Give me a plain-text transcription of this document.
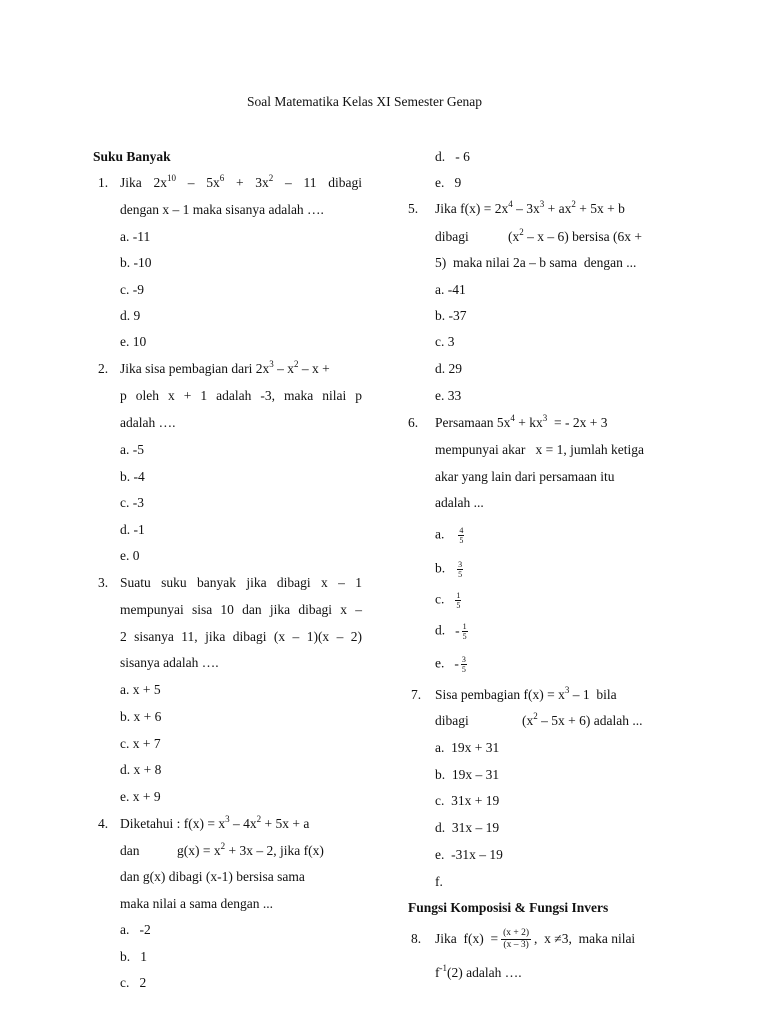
Soal Matematika Kelas XI Semester Genap
Suku Banyak
1. Jika $2x^{10} - 5x^6 + 3x^2 - 11$ dibagi
dengan x – 1 maka sisanya adalah ….
a. -11
b. -10
c. -9
d. 9
e. 10
2. Jika sisa pembagian dari $2x^3 - x^2$ – x +
p oleh x + 1 adalah -3, maka nilai p
adalah ….
a. -5
b. -4
c. -3
d. -1
e. 0
3. Suatu suku banyak jika dibagi x – 1
mempunyai sisa 10 dan jika dibagi x –
2 sisanya 11, jika dibagi (x – 1)(x – 2)
sisanya adalah ….
a. x + 5
b. x + 6
c. x + 7
d. x + 8
e. x + 9
4. Diketahui : $f(x) = x^3 - 4x^2 + 5x + a$
dan	$g(x) = x^2 + 3x - 2$, jika f(x)
dan g(x) dibagi (x-1) bersisa sama
maka nilai a sama dengan ...
a.   -2
b.   1
c.   2
d.   - 6
e.   9
5. Jika $f(x) = 2x^4 - 3x^3 + ax^2 + 5x + b$
dibagi	($x^2$ – x – 6) bersisa (6x +
5)  maka nilai 2a – b sama  dengan ...
a. -41
b. -37
c. 3
d. 29
e. 33
6. Persamaan $5x^4 + kx^3$  = - 2x + 3
mempunyai akar   x = 1, jumlah ketiga
akar yang lain dari persamaan itu
adalah ...
a. $\frac{4}{5}$
b. $\frac{3}{5}$
c. $\frac{1}{5}$
d. - $\frac{1}{5}$
e. - $\frac{3}{5}$
7. Sisa pembagian $f(x) = x^3 - 1$  bila
dibagi	$(x^2 - 5x + 6)$ adalah ...
a.  19x + 31
b.  19x – 31
c.  31x + 19
d.  31x – 19
e.  -31x – 19
f.
Fungsi Komposisi & Fungsi Invers
8. Jika  $f(x) = \frac{(x + 2)}{(x - 3)}$ ,  x ≠3,  maka nilai
$f^{-1}(2)$ adalah ….
